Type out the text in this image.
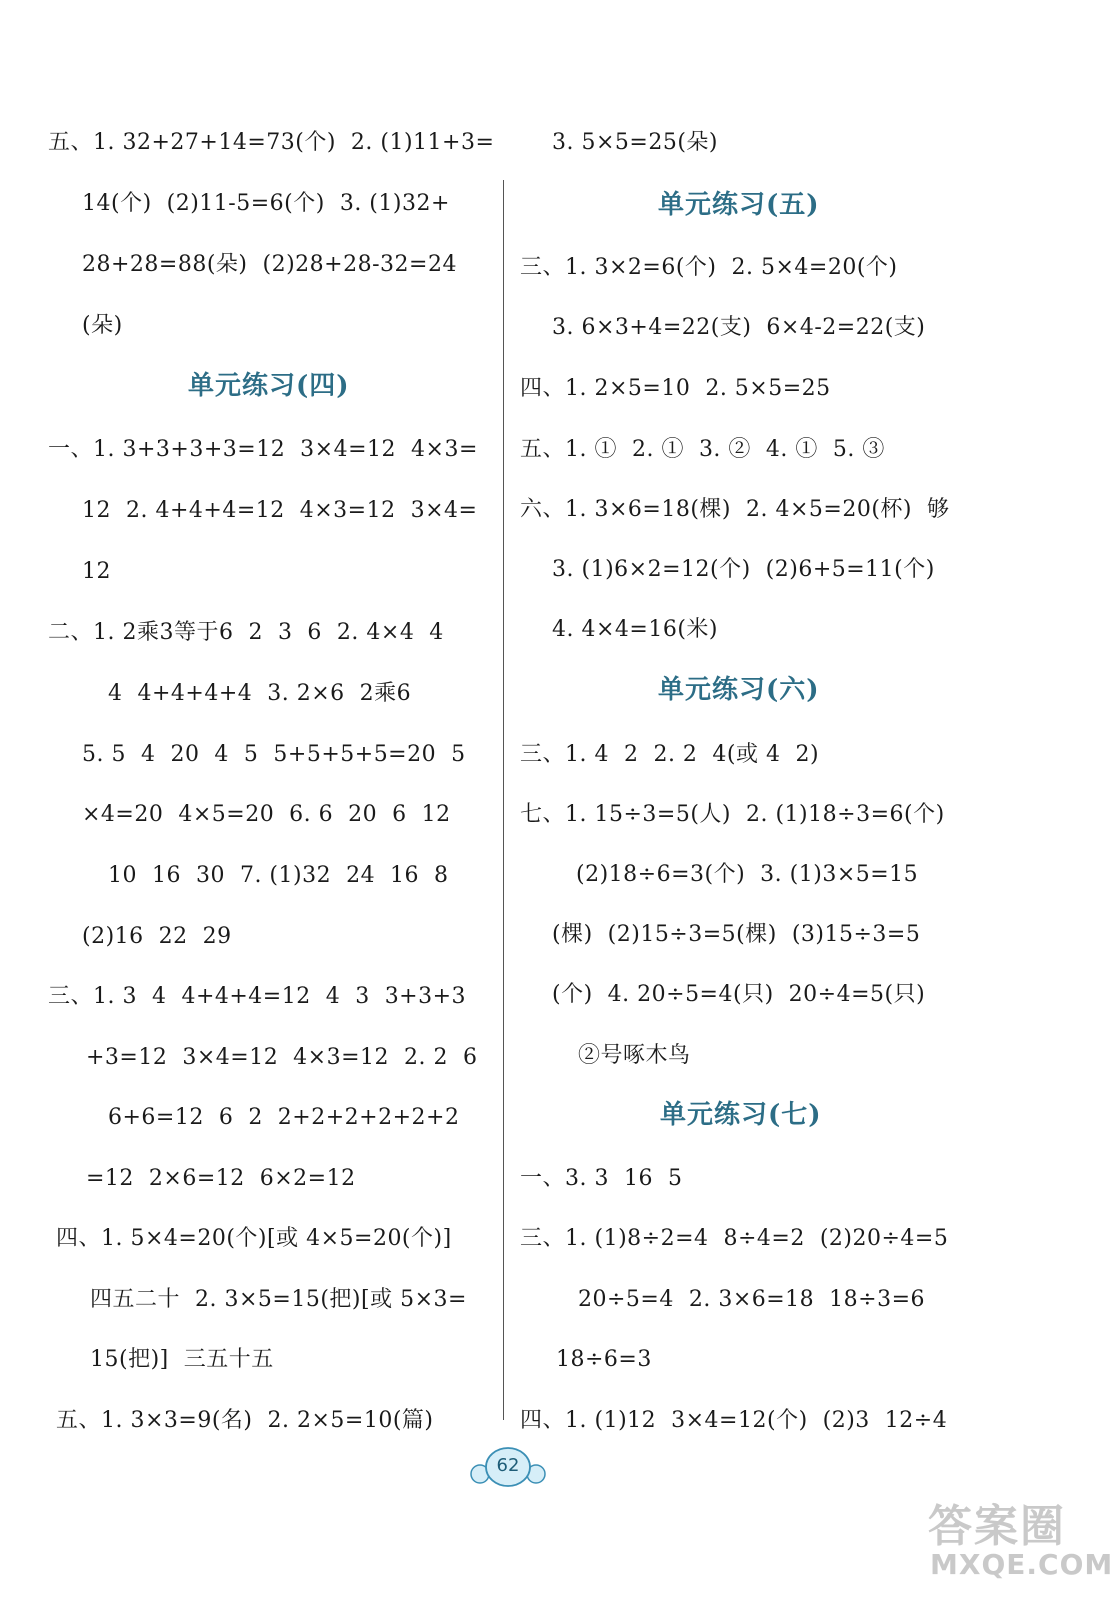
五、1. 32+27+14=73(个)  2. (1)11+3=
14(个)  (2)11-5=6(个)  3. (1)32+
28+28=88(朵)  (2)28+28-32=24
(朵)
单元练习(四)
一、1. 3+3+3+3=12  3×4=12  4×3=
12  2. 4+4+4=12  4×3=12  3×4=
12
二、1. 2乘3等于6  2  3  6  2. 4×4  4
4  4+4+4+4  3. 2×6  2乘6
5. 5  4  20  4  5  5+5+5+5=20  5
×4=20  4×5=20  6. 6  20  6  12
10  16  30  7. (1)32  24  16  8
(2)16  22  29
三、1. 3  4  4+4+4=12  4  3  3+3+3
+3=12  3×4=12  4×3=12  2. 2  6
6+6=12  6  2  2+2+2+2+2+2
=12  2×6=12  6×2=12
四、1. 5×4=20(个)[或 4×5=20(个)]
四五二十  2. 3×5=15(把)[或 5×3=
15(把)]  三五十五
五、1. 3×3=9(名)  2. 2×5=10(篇)
3. 5×5=25(朵)
单元练习(五)
三、1. 3×2=6(个)  2. 5×4=20(个)
3. 6×3+4=22(支)  6×4-2=22(支)
四、1. 2×5=10  2. 5×5=25
五、1. ①  2. ①  3. ②  4. ①  5. ③
六、1. 3×6=18(棵)  2. 4×5=20(杯)  够
3. (1)6×2=12(个)  (2)6+5=11(个)
4. 4×4=16(米)
单元练习(六)
三、1. 4  2  2. 2  4(或 4  2)
七、1. 15÷3=5(人)  2. (1)18÷3=6(个)
(2)18÷6=3(个)  3. (1)3×5=15
(棵)  (2)15÷3=5(棵)  (3)15÷3=5
(个)  4. 20÷5=4(只)  20÷4=5(只)
②号啄木鸟
单元练习(七)
一、3. 3  16  5
三、1. (1)8÷2=4  8÷4=2  (2)20÷4=5
20÷5=4  2. 3×6=18  18÷3=6
18÷6=3
四、1. (1)12  3×4=12(个)  (2)3  12÷4
62
答案圈
MXQE.COM
